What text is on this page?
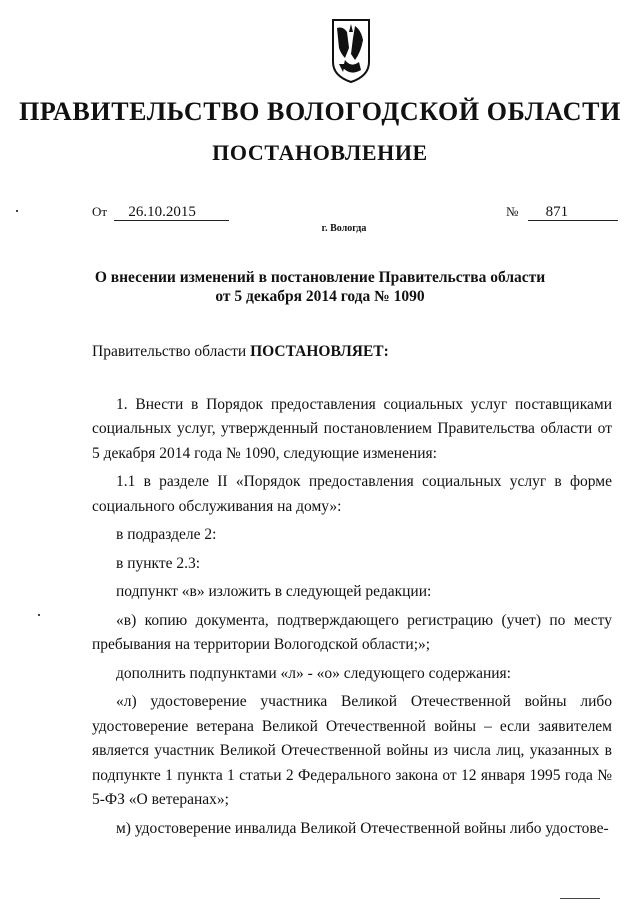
ПРАВИТЕЛЬСТВО ВОЛОГОДСКОЙ ОБЛАСТИ
ПОСТАНОВЛЕНИЕ
От 26.10.2015	№ 871
г. Вологда
О внесении изменений в постановление Правительства области
от 5 декабря 2014 года № 1090

Правительство области ПОСТАНОВЛЯЕТ:

1. Внести в Порядок предоставления социальных услуг поставщиками социальных услуг, утвержденный постановлением Правительства области от 5 декабря 2014 года № 1090, следующие изменения:

1.1 в разделе II «Порядок предоставления социальных услуг в форме социального обслуживания на дому»:

в подразделе 2:

в пункте 2.3:

подпункт «в» изложить в следующей редакции:

«в) копию документа, подтверждающего регистрацию (учет) по месту пребывания на территории Вологодской области;»;

дополнить подпунктами «л» - «о» следующего содержания:

«л) удостоверение участника Великой Отечественной войны либо удостоверение ветерана Великой Отечественной войны – если заявителем является участник Великой Отечественной войны из числа лиц, указанных в подпункте 1 пункта 1 статьи 2 Федерального закона от 12 января 1995 года № 5-ФЗ «О ветеранах»;

м) удостоверение инвалида Великой Отечественной войны либо удостове-
